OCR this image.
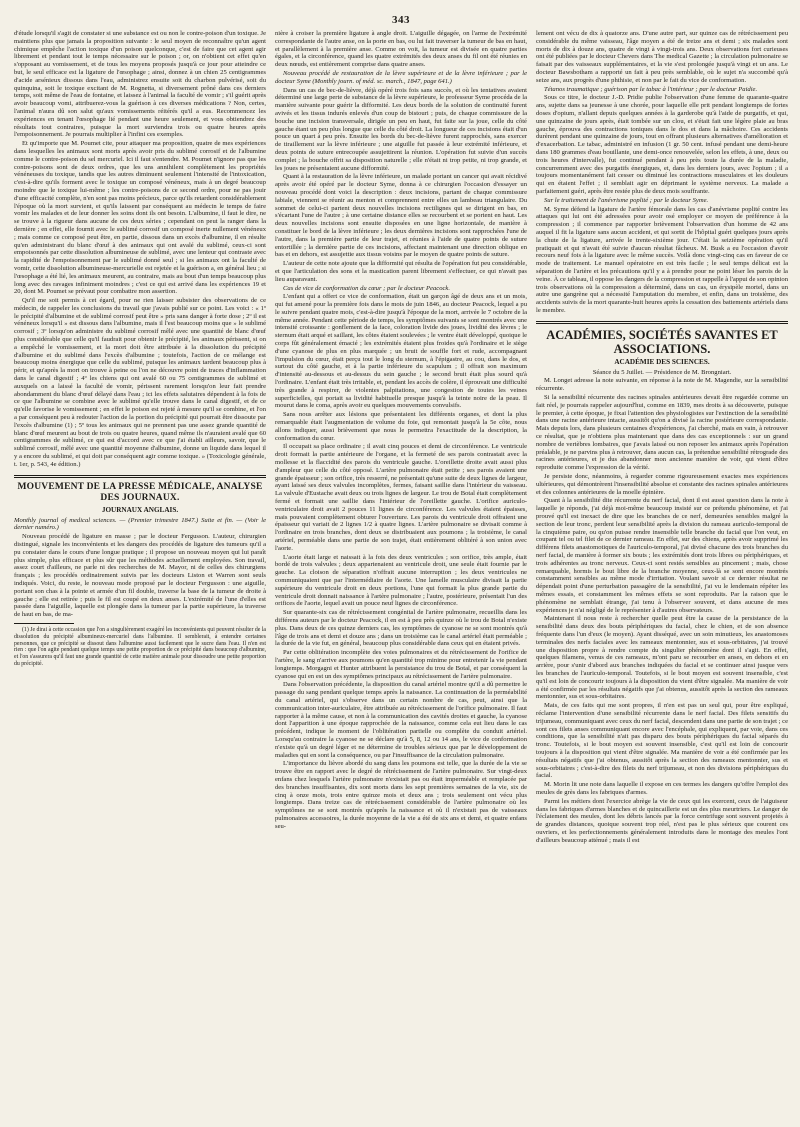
343

d'étude lorsqu'il s'agit de constater si une substance est ou non le contre-poison d'un toxique. Je maintiens plus que jamais la proposition suivante : le seul moyen de reconnaître qu'un agent chimique empêche l'action toxique d'un poison quelconque, c'est de faire que cet agent agir librement et pendant tout le temps nécessaire sur le poison ; or, on n'obtient cet effet qu'en s'opposant au vomissement, et de tous les moyens proposés jusqu'à ce jour pour atteindre ce but, le seul efficace est la ligature de l'œsophage ; ainsi, donnez à un chien 25 centigrammes d'acide arsénieux dissous dans l'eau, administrez ensuite soit du charbon pulvérisé, soit du quinquina, soit le toxique excitant de M. Rognetta, si diversement prôné dans ces derniers temps, soit même de l'eau de fontaine, et laissez à l'animal la faculté de vomir ; s'il guérit après avoir beaucoup vomi, attribuerez-vous la guérison à ces diverses médications ? Non, certes, l'animal n'aura dû son salut qu'aux vomissements réitérés qu'il a eus. Recommencez les expériences en tenant l'œsophage lié pendant une heure seulement, et vous obtiendrez des résultats tout contraires, puisque la mort surviendra trois ou quatre heures après l'empoisonnement. Je pourrais multiplier à l'infini ces exemples.

Et qu'importe que M. Poumet cite, pour attaquer ma proposition, quatre de mes expériences dans lesquelles les animaux sont morts après avoir pris du sublimé corrosif et de l'albumine comme le contre-poison du sel mercuriel. Ici il faut s'entendre. M. Poumet n'ignore pas que les contre-poisons sont de deux ordres, que les uns annihilent complètement les propriétés vénéneuses du toxique, tandis que les autres diminuent seulement l'intensité de l'intoxication, c'est-à-dire qu'ils forment avec le toxique un composé vénéneux, mais à un degré beaucoup moindre que le toxique lui-même ; les contre-poisons de ce second ordre, pour ne pas jouir d'une efficacité complète, n'en sont pas moins précieux, parce qu'ils retardent considérablement l'époque où la mort survient, et qu'ils laissent par conséquent au médecin le temps de faire vomir les malades et de leur donner les soins dont ils ont besoin. L'albumine, il faut le dire, ne se trouve à la rigueur dans aucune de ces deux séries ; cependant on peut la ranger dans la dernière ; en effet, elle fournit avec le sublimé corrosif un composé inerte nullement vénéneux ; mais comme ce composé peut être, en partie, dissous dans un excès d'albumine, il en résulte qu'en administrant du blanc d'œuf à des animaux qui ont avalé du sublimé, ceux-ci sont empoisonnés par cette dissolution albumineuse de sublimé, avec une lenteur qui contraste avec la rapidité de l'empoisonnement par le sublimé donné seul ; si les animaux ont la faculté de vomir, cette dissolution albumineuse-mercurielle est rejetée et la guérison a, en général lieu ; si l'œsophage a été lié, les animaux meurent, au contraire, mais au bout d'un temps beaucoup plus long avec des ravages infiniment moindres ; c'est ce qui est arrivé dans les expériences 19 et 20, dont M. Poumet se prévaut pour combattre mon assertion.

Qu'il me soit permis à cet égard, pour ne rien laisser subsister des observations de ce médecin, de rappeler les conclusions du travail que j'avais publié sur ce point. Les voici : « 1º le précipité d'albumine et de sublimé corrosif peut être » pris sans danger à forte dose ; 2º il est vénéneux lorsqu'il » est dissous dans l'albumine, mais il l'est beaucoup moins que » le sublimé corrosif ; 3º lorsqu'on administre du sublimé corrosif mêlé avec une quantité de blanc d'œuf plus considérable que celle qu'il faudrait pour obtenir le précipité, les animaux périssent, si on a empêché le vomissement, et la mort doit être attribuée à la dissolution du précipité d'albumine et du sublimé dans l'excès d'albumine ; toutefois, l'action de ce mélange est beaucoup moins énergique que celle du sublimé, puisque les animaux tardent beaucoup plus à périr, et qu'après la mort on trouve à peine ou l'on ne découvre point de traces d'inflammation dans le canal digestif ; 4º les chiens qui ont avalé 60 ou 75 centigrammes de sublimé et auxquels on a laissé la faculté de vomir, périssent rarement lorsqu'on leur fait prendre abondamment du blanc d'œuf délayé dans l'eau ; ici les effets salutaires dépendent à la fois de ce que l'albumine se combine avec le sublimé qu'elle trouve dans le canal digestif, et de ce qu'elle favorise le vomissement ; en effet le poison est rejeté à mesure qu'il se combine, et l'on a par conséquent peu à redouter l'action de la portion du précipité qui pourrait être dissoute par l'excès d'albumine (1) ; 5º tous les animaux qui ne prennent pas une assez grande quantité de blanc d'œuf meurent au bout de trois ou quatre heures, quand même ils n'auraient avalé que 60 centigrammes de sublimé, ce qui est d'accord avec ce que j'ai établi ailleurs, savoir, que le sublimé corrosif, mêlé avec une quantité moyenne d'albumine, donne un liquide dans lequel il y a encore du sublimé, et qui doit par conséquent agir comme toxique. » (Toxicologie générale, t. 1er, p. 543, 4e édition.)

MOUVEMENT DE LA PRESSE MÉDICALE, ANALYSE DES JOURNAUX.
JOURNAUX ANGLAIS.

Monthly journal of medical sciences. — (Premier trimestre 1847.) Suite et fin. — (Voir le dernier numéro.)

Nouveau procédé de ligature en masse ; par le docteur Fergusson. L'auteur, chirurgien distingué, signale les inconvénients et les dangers des procédés de ligature des tumeurs qu'il a pu constater dans le cours d'une longue pratique ; il propose un nouveau moyen qui lui paraît plus simple, plus efficace et plus sûr que les méthodes actuellement employées. Son travail, assez court d'ailleurs, ne parle ni des recherches de M. Mayor, ni de celles des chirurgiens français ; les procédés ordinairement suivis par les docteurs Liston et Warren sont seuls indiqués. Voici, du reste, le nouveau mode proposé par le docteur Fergusson : une aiguille, portant son chas à la pointe et armée d'un fil double, traverse la base de la tumeur de droite à gauche ; elle est retirée ; puis le fil est coupé en deux anses. L'extrémité de l'une d'elles est passée dans l'aiguille, laquelle est plongée dans la tumeur par la partie supérieure, la traverse de haut en bas, de ma-

(1) Je dirai à cette occasion que l'on a singulièrement exagéré les inconvénients qui peuvent résulter de la dissolution du précipité albumineux-mercuriel dans l'albumine. Il semblerait, à entendre certaines personnes, que ce précipité se dissout dans l'albumine aussi facilement que le sucre dans l'eau. Il n'en est rien : que l'on agite pendant quelque temps une petite proportion de ce précipité dans beaucoup d'albumine, et l'on s'assurera qu'il faut une grande quantité de cette matière animale pour dissoudre une petite proportion du précipité.

nière à croiser la première ligature à angle droit. L'aiguille dégagée, on l'arme de l'extrémité correspondante de l'autre anse, on la porte en bas, ou lui fait traverser la tumeur de bas en haut, et parallèlement à la première anse. Comme on voit, la tumeur est divisée en quatre parties égales, et la circonférence, quand les quatre extrémités des deux anses du fil ont été réunies en deux nœuds, est entièrement comprise dans quatre anses.

Nouveau procédé de restauration de la lèvre supérieure et de la lèvre inférieure ; par le docteur Syme (Monthly journ. of méd. sc. march., 1847, page 641.)

Dans un cas de bec-de-lièvre, déjà opéré trois fois sans succès, et où les tentatives avaient déterminé une large perte de substance de la lèvre supérieure, le professeur Syme procéda de la manière suivante pour guérir la difformité. Les deux bords de la solution de continuité furent avivés et les tissus indurés enlevés d'un coup de bistouri ; puis, de chaque commissure de la bouche une incision transversale, dirigée un peu en haut, fut faite sur la joue, celle du côté gauche étant un peu plus longue que celle du côté droit. La longueur de ces incisions était d'un pouce un quart à peu près. Ensuite les bords du bec-de-lièvre furent rapprochés, sans exercer de tiraillement sur la lèvre inférieure ; une aiguille fut passée à leur extrémité inférieure, et deux points de suture entrecoupée assujettirent la réunion. L'opération fut suivie d'un succès complet ; la bouche offrit sa disposition naturelle ; elle n'était ni trop petite, ni trop grande, et les joues ne présentaient aucune difformité.

Quant à la restauration de la lèvre inférieure, un malade portant un cancer qui avait récidivé après avoir été opéré par le docteur Syme, donna à ce chirurgien l'occasion d'essayer un nouveau procédé dont voici la description : deux incisions, partant de chaque commissure labiale, viennent se réunir au menton et comprennent entre elles un lambeau triangulaire. Du sommet de celui-ci partent deux nouvelles incisions rectilignes qui se dirigent en bas, en s'écartant l'une de l'autre ; à une certaine distance elles se recourbent et se portent en haut. Les deux nouvelles incisions sont ensuite disposées en une ligne horizontale, de manière à constituer le bord de la lèvre inférieure ; les deux dernières incisions sont rapprochées l'une de l'autre, dans la première partie de leur trajet, et réunies à l'aide de quatre points de suture entortillée ; la dernière partie de ces incisions, affectant maintenant une direction oblique en bas et en dehors, est assujettie aux tissus voisins par le moyen de quatre points de suture.

L'auteur de cette note ajoute que la difformité qui résulta de l'opération fut peu considérable, et que l'articulation des sons et la mastication parent librement s'effectuer, ce qui n'avait pas lieu auparavant.

Cas de vice de conformation du cœur ; par le docteur Peacock.

L'enfant qui a offert ce vice de conformation, était un garçon âgé de deux ans et un mois, qui fut amené pour la première fois dans le mois de juin 1846, au docteur Peacock, lequel a pu le suivre pendant quatre mois, c'est-à-dire jusqu'à l'époque de la mort, arrivée le 7 octobre de la même année. Pendant cette période de temps, les symptômes suivants se sont montrés avec une intensité croissante : gonflement de la face, coloration livide des joues, lividité des lèvres ; le sternum était arqué et saillant, les côtes étaient soulevées ; le ventre était développé, quoique le corps fût généralement émacié ; les extrémités étaient plus froides qu'à l'ordinaire et le siège d'une cyanose de plus en plus marquée ; un bruit de souffle fort et rude, accompagnant l'impulsion du cœur, était perçu tout le long du sternum, à l'épigastre, au cou, dans le dos, et surtout du côté gauche, et à la partie inférieure du scapulum ; il offrait son maximum d'intensité au-dessous et au-dessus du sein gauche ; le second bruit était plus sourd qu'à l'ordinaire. L'enfant était très irritable, et, pendant les accès de colère, il éprouvait une difficulté très grande à respirer, de violentes palpitations, une congestion de toutes les veines superficielles, qui portait sa lividité habituelle presque jusqu'à la teinte noire de la peau. Il mourut dans le coma, après avoir eu quelques mouvements convulsifs.

Sans nous arrêter aux lésions que présentaient les différents organes, et dont la plus remarquable était l'augmentation de volume du foie, qui remontait jusqu'à la 5e côte, nous allons indiquer, aussi brièvement que nous le permettra l'exactitude de la description, la conformation du cœur.

Il occupait sa place ordinaire ; il avait cinq pouces et demi de circonférence. Le ventricule droit formait la partie antérieure de l'organe, et la fermeté de ses parois contrastait avec la mollesse et la flaccidité des parois du ventricule gauche. L'oreillette droite avait aussi plus d'ampleur que celle du côté opposé. L'artère pulmonaire était petite ; ses parois avaient une grande épaisseur ; son orifice, très resserré, ne présentait qu'une suite de deux lignes de largeur, ayant laissé ses deux valvules incomplètes, fermes, faisant saillie dans l'intérieur du vaisseau. La valvule d'Eustache avait deux ou trois lignes de largeur. Le trou de Botal était complètement fermé et formait une saillie dans l'intérieur de l'oreillette gauche. L'orifice auriculo-ventriculaire droit avait 2 pouces 11 lignes de circonférence. Les valvules étaient épaisses, mais pouvaient complètement obturer l'ouverture. Les parois du ventricule droit offraient une épaisseur qui variait de 2 lignes 1/2 à quatre lignes. L'artère pulmonaire se divisait comme à l'ordinaire en trois branches, dont deux se distribuaient aux poumons ; la troisième, le canal artériel, perméable dans une partie de son trajet, était entièrement oblitéré à son union avec l'aorte.

L'aorte était large et naissait à la fois des deux ventricules ; son orifice, très ample, était bordé de trois valvules ; deux appartenaient au ventricule droit, une seule était fournie par le gauche. La cloison de séparation n'offrait aucune interruption ; les deux ventricules ne communiquaient que par l'intermédiaire de l'aorte. Une lamelle musculaire divisait la partie supérieure du ventricule droit en deux portions, l'une qui formait la plus grande partie du ventricule droit donnait naissance à l'artère pulmonaire ; l'autre, postérieure, présentait l'un des orifices de l'aorte, lequel avait un pouce neuf lignes de circonférence.

Sur quarante-six cas de rétrécissement congénital de l'artère pulmonaire, recueillis dans les différens auteurs par le docteur Peacock, il en est à peu près quinze où le trou de Botal n'existe plus. Dans deux de ces quinze derniers cas, les symptômes de cyanose ne se sont montrés qu'à l'âge de trois ans et demi et douze ans ; dans un troisième cas le canal artériel était perméable ; la durée de la vie fut, en général, beaucoup plus considérable dans ceux qui en étaient privés.

Par cette oblitération incomplète des voies pulmonaires et du rétrécissement de l'orifice de l'artère, le sang n'arrive aux poumons qu'en quantité trop minime pour entretenir la vie pendant longtemps. Morgagni et Hunter attribuent la persistance du trou de Botal, et par conséquent la cyanose qui en est un des symptômes principaux au rétrécissement de l'artère pulmonaire.

Dans l'observation précédente, la disposition du canal artériel montre qu'il a dû permettre le passage du sang pendant quelque temps après la naissance. La continuation de la perméabilité du canal artériel, qui s'observe dans un certain nombre de cas, peut, ainsi que la communication inter-auriculaire, être attribuée au rétrécissement de l'orifice pulmonaire. Il faut rapporter à la même cause, et non à la communication des cavités droites et gauche, la cyanose dont l'apparition à une époque rapprochée de la naissance, comme cela eut lieu dans le cas précédent, indique le moment de l'oblitération partielle ou complète du conduit artériel. Lorsqu'au contraire la cyanose ne se déclare qu'à 5, 8, 12 ou 14 ans, le vice de conformation n'existe qu'à un degré léger et ne détermine de troubles sérieux que par le développement de maladies qui en sont la conséquence, ou par l'insuffisance de la circulation pulmonaire.

L'importance du lièvre abordé du sang dans les poumons est telle, que la durée de la vie se trouve être en rapport avec le degré de rétrécissement de l'artère pulmonaire. Sur vingt-deux enfans chez lesquels l'artère pulmonaire n'existait pas ou était imperméable et remplacée par des branches insuffisantes, dix sont morts dans les sept premières semaines de la vie, six de cinq à onze mois, trois entre quinze mois et deux ans ; trois seulement ont vécu plus longtemps. Dans treize cas de rétrécissement considérable de l'artère pulmonaire où les symptômes ne se sont montrés qu'après la naissance et où il n'existait pas de vaisseaux pulmonaires accessoires, la durée moyenne de la vie a été de six ans et demi, et quatre enfans seu-

lement ont vécu de dix à quatorze ans. D'une autre part, sur quinze cas de rétrécissement peu considérable du même vaisseau, l'âge moyen a été de treize ans et demi ; six malades sont morts de dix à douze ans, quatre de vingt à vingt-trois ans. Deux observations fort curieuses ont été publiées par le docteur Chevers dans The medical Gazette ; la circulation pulmonaire se faisait par des vaisseaux supplémentaires, et la vie s'est prolongée jusqu'à vingt et un ans. Le docteur Bawsbotham a rapporté un fait à peu près semblable, où le sujet n'a succombé qu'à seize ans, aux progrès d'une phthisie, et non par le fait du vice de conformation.

Tétanos traumatique ; guérison par le tabac à l'intérieur ; par le docteur Paidie.

Sous ce titre, le docteur J.-D. Pridie publie l'observation d'une femme de quarante-quatre ans, sujette dans sa jeunesse à une chorée, pour laquelle elle prit pendant longtemps de fortes doses d'opium, n'allant depuis quelques années à la garderobe qu'à l'aide de purgatifs, et qui, une quinzaine de jours après, était tombée sur un clou, et s'était fait une légère plaie au bras gauche, éprouva des contractions toniques dans le dos et dans la mâchoire. Ces accidents durèrent pendant une quinzaine de jours, tout en offrant plusieurs alternatives d'amélioration et d'exacerbation. Le tabac, administré en infusion (1 gr. 50 cent. infusé pendant une demi-heure dans 180 grammes d'eau bouillante, une demi-once renouvelée, selon les effets, à une, deux ou trois heures d'intervalle), fut continué pendant à peu près toute la durée de la maladie, concurremment avec des purgatifs énergiques, et, dans les derniers jours, avec l'opium ; il a toujours momentanément fait cesser ou diminué les contractions musculaires et les douleurs qui en étaient l'effet ; il semblait agir en déprimant le système nerveux. La malade a parfaitement guéri, après être restée plus de deux mois souffrante.

Sur le traitement de l'anévrisme poplité ; par le docteur Syme.

M. Syme défend la ligature de l'artère fémorale dans les cas d'anévrisme poplité contre les attaques qui lui ont été adressées pour avoir osé employer ce moyen de préférence à la compression ; il commence par rapporter brièvement l'observation d'un homme de 42 ans auquel il fit la ligature sans aucun accident, et qui sortit de l'hôpital guéri quelques jours après la chute de la ligature, arrivée le trente-sixième jour. C'était la seizième opération qu'il pratiquait et qui n'avait été suivie d'aucun résultat fâcheux. M. Busk a eu l'occasion d'avoir recours neuf fois à la ligature avec le même succès. Voilà donc vingt-cinq cas en faveur de ce mode de traitement. Le manuel opératoire en est très facile ; le seul temps délicat est la séparation de l'artère et les précautions qu'il y a à prendre pour ne point léser les parois de la veine. À ce tableau, il oppose les dangers de la compression et rappelle à l'appui de son opinion trois observations où la compression a déterminé, dans un cas, un érysipèle mortel, dans un autre une gangrène qui a nécessité l'amputation du membre, et enfin, dans un troisième, des accidents suivis de la mort quarante-huit heures après la cessation des battements artériels dans le membre.

ACADÉMIES, SOCIÉTÉS SAVANTES ET ASSOCIATIONS.
ACADÉMIE DES SCIENCES.

Séance du 5 Juillet. — Présidence de M. Brongniart.

M. Longet adresse la note suivante, en réponse à la note de M. Magendie, sur la sensibilité récurrente.

Si la sensibilité récurrente des racines spinales antérieures devait être regardée comme un fait réel, je pourrais rappeler aujourd'hui, comme en 1839, mes droits à sa découverte, puisque le premier, à cette époque, je fixai l'attention des physiologistes sur l'extinction de la sensibilité dans une racine antérieure intacte, aussitôt qu'on a divisé la racine postérieure correspondante. Mais depuis lors, dans plusieurs centaines d'expériences, j'ai cherché, mais en vain, à retrouver ce résultat, que je n'obtiens plus maintenant que dans des cas exceptionnels : sur un grand nombre de vertèbres lombaires, que j'avais laissé ou non reposer les animaux après l'opération préalable, je ne parvins plus à retrouver, dans aucun cas, la prétendue sensibilité rétrograde des racines antérieures, et je dus abandonner mon ancienne manière de voir, qui vient d'être reproduite comme l'expression de la vérité.

Je persiste donc, néanmoins, à regarder comme rigoureusement exactes mes expériences ultérieures, qui démontrèrent l'insensibilité absolue et constante des racines spinales antérieures et des colonnes antérieures de la moelle épinière.

Quant à la sensibilité dite récurrente du nerf facial, dont il est aussi question dans la note à laquelle je réponds, j'ai déjà moi-même beaucoup insisté sur ce prétendu phénomène, et j'ai prouvé qu'il est inexact de dire que les branches de ce nerf, demeurées sensibles malgré la section de leur tronc, perdent leur sensibilité après la division du rameau auriculo-temporal de la cinquième paire, ou qu'on puisse rendre insensible telle branche du facial que l'on veut, en coupant tel ou tel filet de ce dernier rameau. En effet, sur des chiens, après avoir supprimé les différens filets anastomotiques de l'auriculo-temporal, j'ai divisé chacune des trois branches du nerf facial, de manière à former six bouts ; les extrémités dont trois libres ou périphériques, et trois adhérentes au tronc nerveux. Ceux-ci sont restés sensibles au pincement ; mais, chose remarquable, hormis le bout libre de la branche moyenne, ceux-là se sont encore montrés constamment sensibles au même mode d'irritation. Voulant savoir si ce dernier résultat ne dépendait point d'une perturbation passagère de la sensibilité, j'ai vu le lendemain répéter les mêmes essais, et constamment les mêmes effets se sont reproduits. Par la raison que le phénomène ne semblait étrange, j'ai tenu à l'observer souvent, et dans aucune de mes expériences je n'ai négligé de le représenter à d'autres observateurs.

Maintenant il nous reste à rechercher quelle peut être la cause de la persistance de la sensibilité dans deux des bouts périphériques du facial, chez le chien, et de son absence fréquente dans l'un d'eux (le moyen). Ayant disséqué, avec un soin minutieux, les anastomoses terminales des nerfs faciales avec les rameaux mentonnier, sus et sous-orbitaires, j'ai trouvé une disposition propre à rendre compte du singulier phénomène dont il s'agit. En effet, quelques filamens, venus de ces rameaux, m'ont paru se recourber en anses, en dehors et en arrière, pour s'unir d'abord aux branches indiquées du facial et se continuer ainsi jusque vers les branches de l'auriculo-temporal. Toutefois, si le bout moyen est souvent insensible, c'est qu'il est loin de concourir toujours à la disposition du vient d'être signalée. Ma manière de voir a été confirmée par les résultats négatifs que j'ai obtenus, aussitôt après la section des rameaux mentonnier, sus et sous-orbitaires.

Mais, de ces faits qui me sont propres, il n'en est pas un seul qui, pour être expliqué, réclame l'intervention d'une sensibilité récurrente dans le nerf facial. Des filets sensitifs du trijumeau, communiquant avec ceux du nerf facial, descendent dans une partie de son trajet ; ce sont ces filets anses communiquant encore avec l'encéphale, qui expliquent, par voie, dans ces conditions, que la sensibilité n'ait pas disparu des bouts périphériques du facial séparés du tronc. Toutefois, si le bout moyen est souvent insensible, c'est qu'il est loin de concourir toujours à la disposition qui vient d'être signalée. Ma manière de voir a été confirmée par les résultats négatifs que j'ai obtenus, aussitôt après la section des rameaux mentonnier, sus et sous-orbitaires ; c'est-à-dire des filets du nerf trijumeau, et non des divisions périphériques du facial.

M. Morin lit une note dans laquelle il expose en ces termes les dangers qu'offre l'emploi des meules de grès dans les fabriques d'armes.

Parmi les métiers dont l'exercice abrège la vie de ceux qui les exercent, ceux de l'aiguiseur dans les fabriques d'armes blanches et de quincaillerie est un des plus meurtriers. Le danger de l'éclatement des meules, dont les débris lancés par la force centrifuge sont souvent projetés à de grandes distances, quoique souvent trop réel, n'est pas le plus sérieux que courent ces ouvriers, et les perfectionnements généralement introduits dans le montage des meules l'ont d'ailleurs beaucoup atténué ; mais il est
